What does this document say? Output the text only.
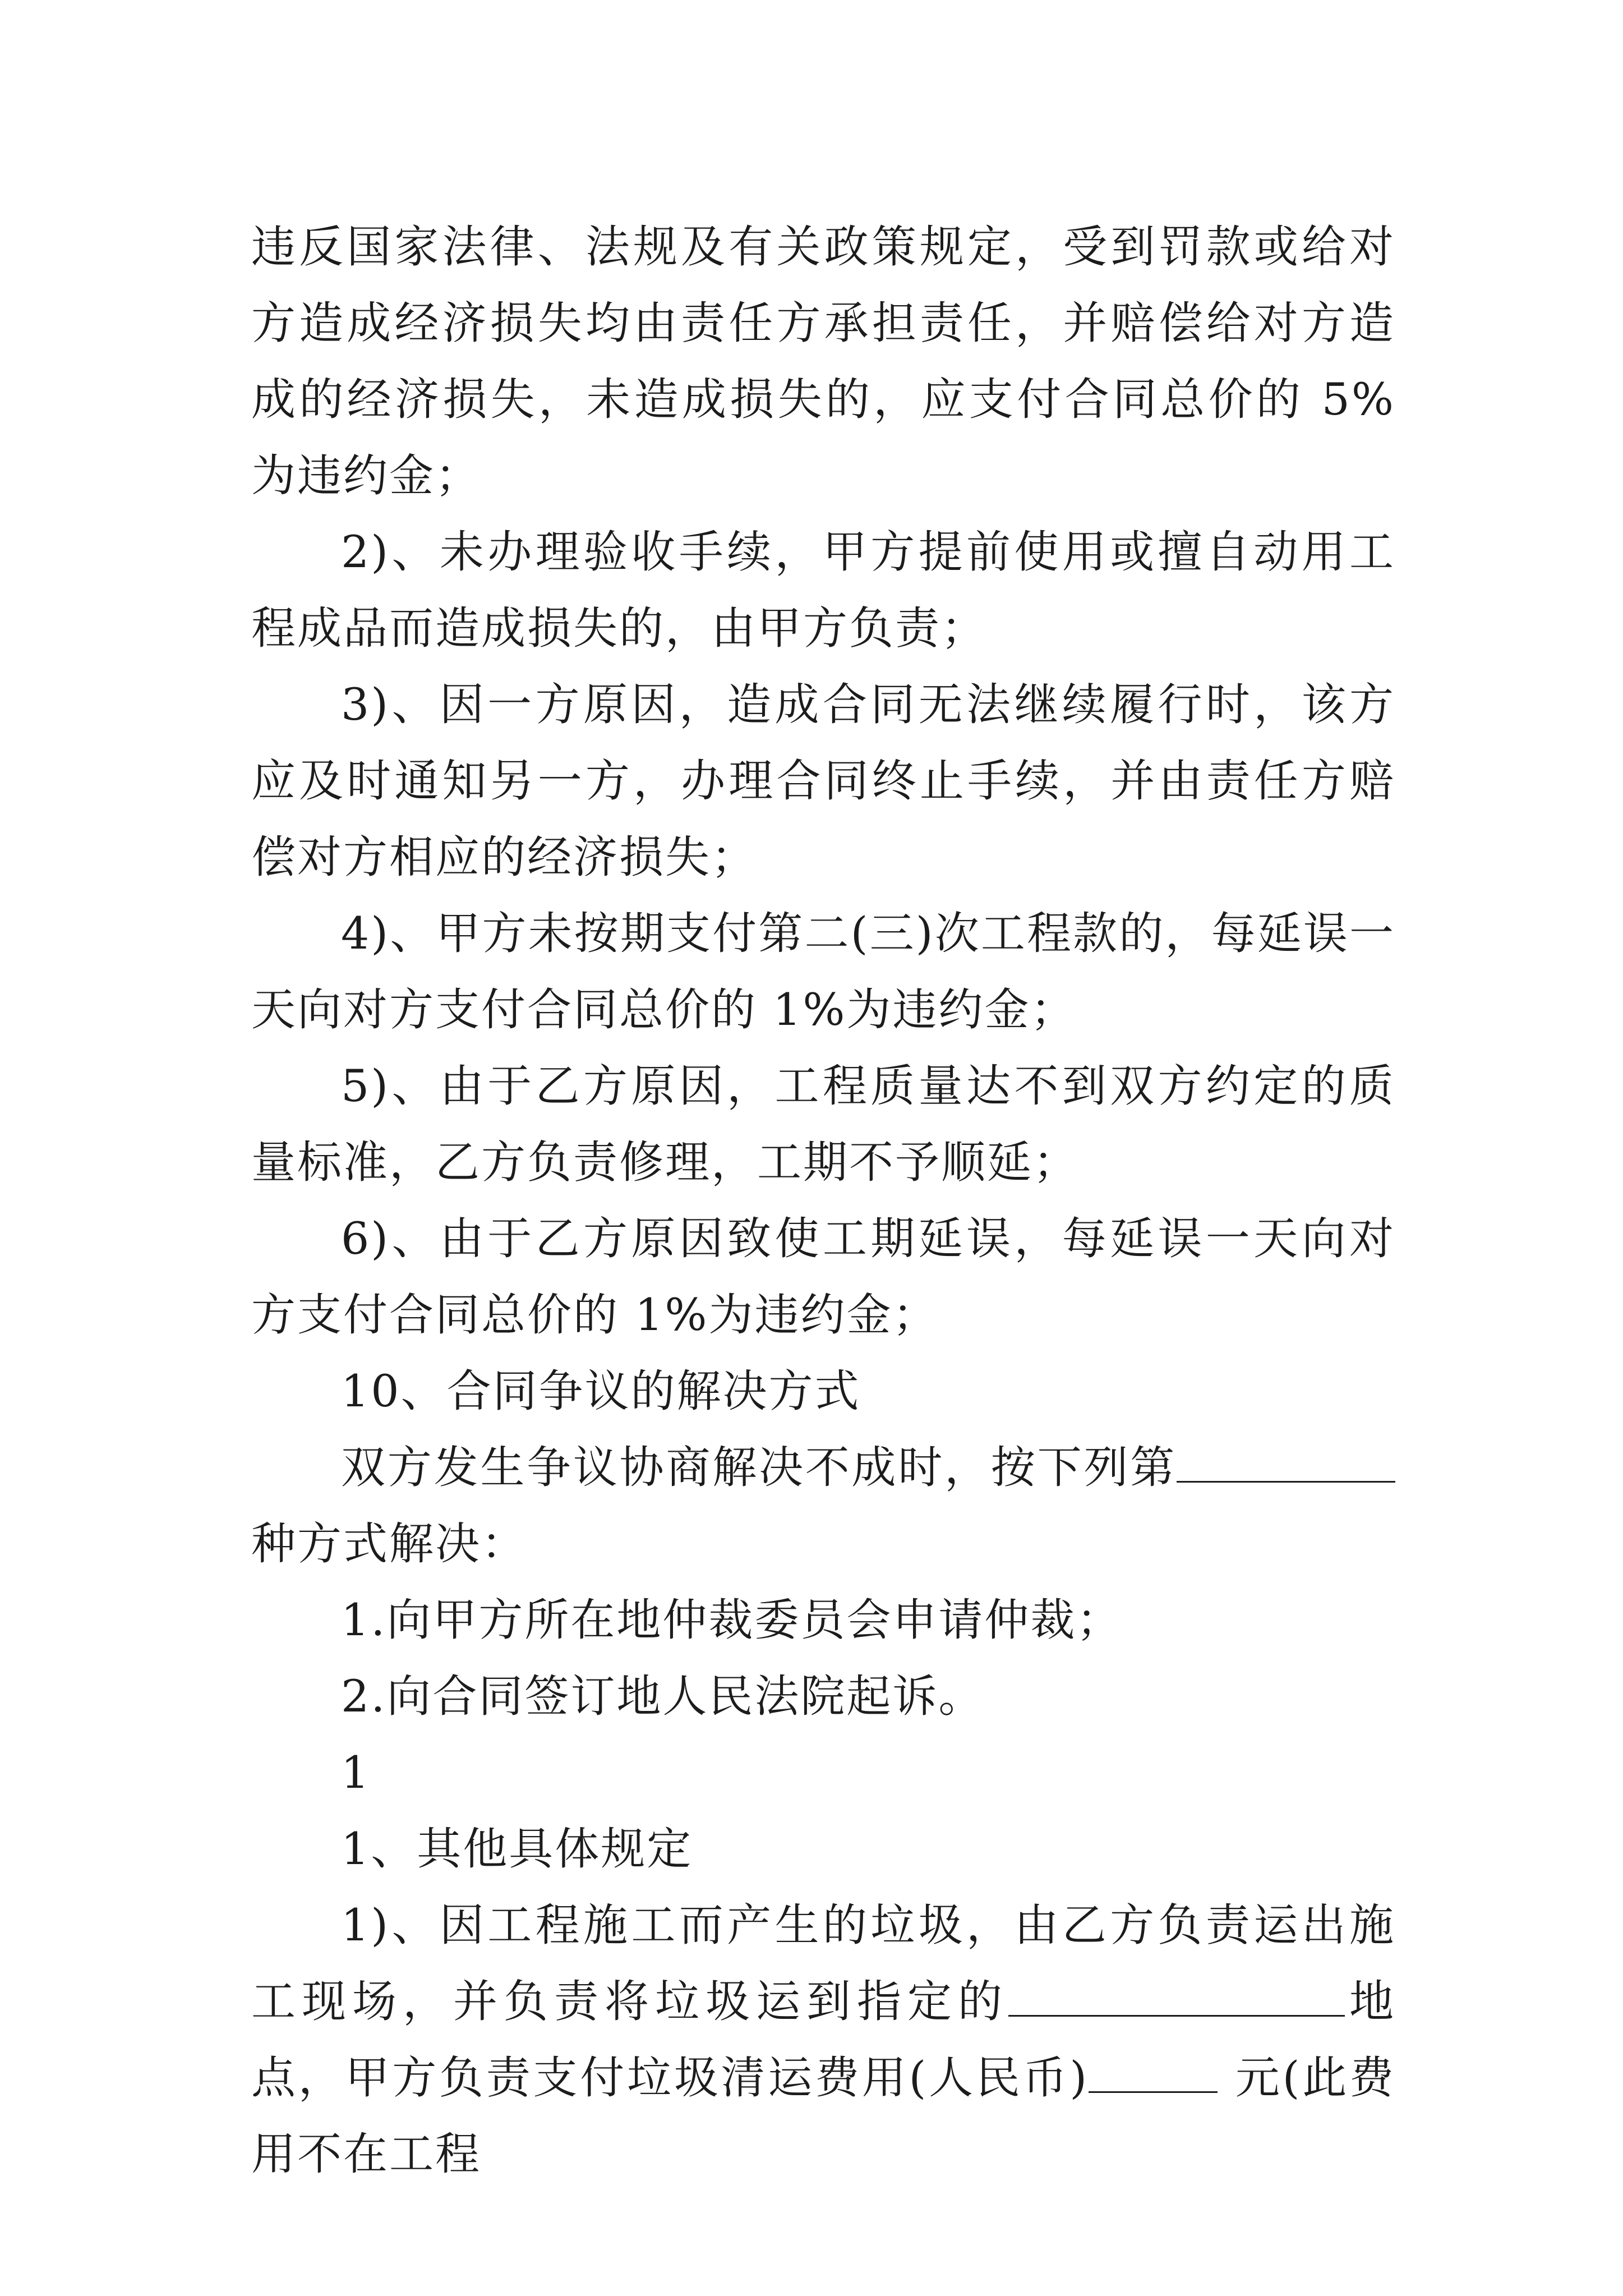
违反国家法律、法规及有关政策规定，受到罚款或给对方造成经济损失均由责任方承担责任，并赔偿给对方造成的经济损失，未造成损失的，应支付合同总价的 5%为违约金；

2)、未办理验收手续，甲方提前使用或擅自动用工程成品而造成损失的，由甲方负责；

3)、因一方原因，造成合同无法继续履行时，该方应及时通知另一方，办理合同终止手续，并由责任方赔偿对方相应的经济损失；

4)、甲方未按期支付第二(三)次工程款的，每延误一天向对方支付合同总价的 1%为违约金；

5)、由于乙方原因，工程质量达不到双方约定的质量标准，乙方负责修理，工期不予顺延；

6)、由于乙方原因致使工期延误，每延误一天向对方支付合同总价的 1%为违约金；

10、合同争议的解决方式

双方发生争议协商解决不成时，按下列第种方式解决：

1.向甲方所在地仲裁委员会申请仲裁；

2.向合同签订地人民法院起诉。

1

1、其他具体规定

1)、因工程施工而产生的垃圾，由乙方负责运出施工现场，并负责将垃圾运到指定的	地点，甲方负责支付垃圾清运费用(人民币)	元(此费用不在工程
